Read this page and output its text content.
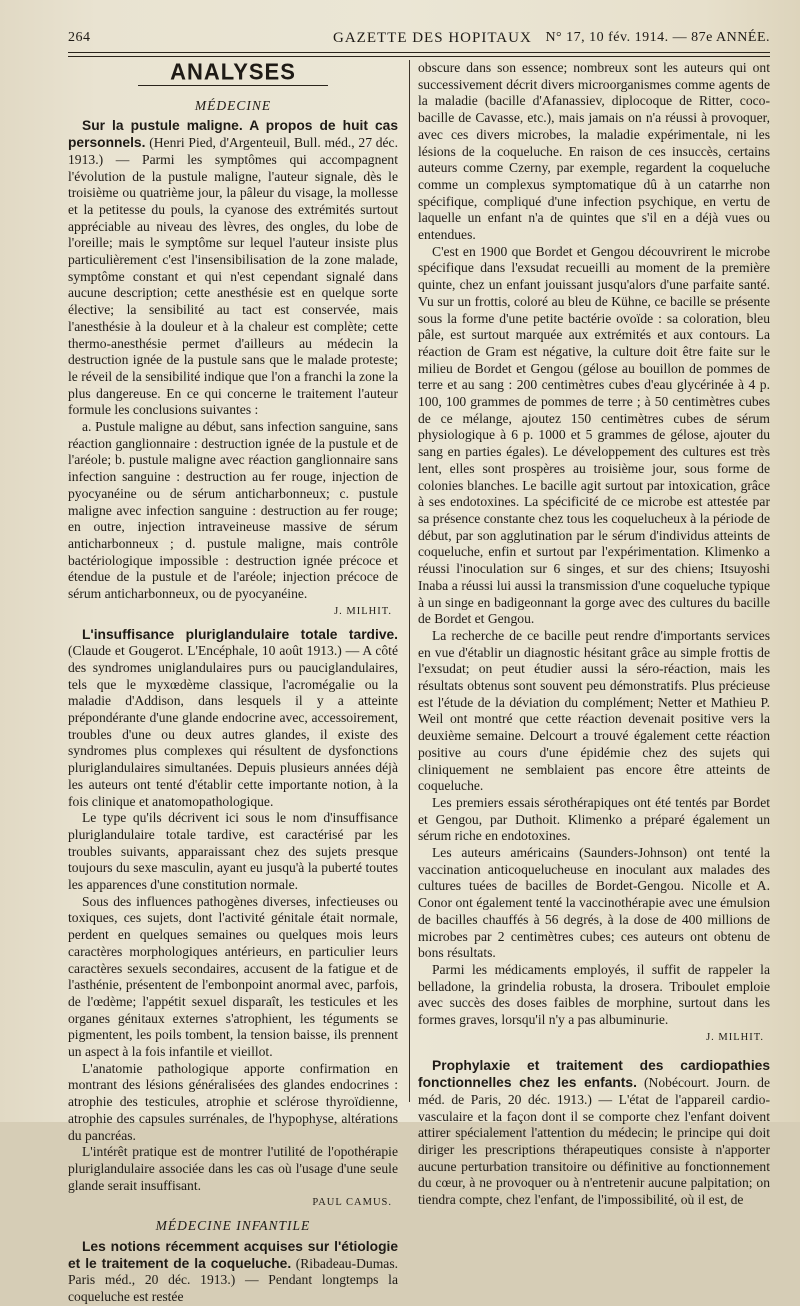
264	GAZETTE DES HOPITAUX N° 17, 10 fév. 1914. — 87e ANNÉE.
ANALYSES
MÉDECINE

Sur la pustule maligne. A propos de huit cas personnels. (Henri Pied, d'Argenteuil, Bull. méd., 27 déc. 1913.) — Parmi les symptômes qui accompagnent l'évolution de la pustule maligne, l'auteur signale, dès le troisième ou quatrième jour, la pâleur du visage, la mollesse et la petitesse du pouls, la cyanose des extrémités surtout appréciable au niveau des lèvres, des ongles, du lobe de l'oreille; mais le symptôme sur lequel l'auteur insiste plus particulièrement c'est l'insensibilisation de la zone malade, symptôme constant et qui n'est cependant signalé dans aucune description; cette anesthésie est en quelque sorte élective; la sensibilité au tact est conservée, mais l'anesthésie à la douleur et à la chaleur est complète; cette thermo-anesthésie permet d'ailleurs au médecin la destruction ignée de la pustule sans que le malade proteste; le réveil de la sensibilité indique que l'on a franchi la zone la plus dangereuse. En ce qui concerne le traitement l'auteur formule les conclusions suivantes :

a. Pustule maligne au début, sans infection sanguine, sans réaction ganglionnaire : destruction ignée de la pustule et de l'aréole; b. pustule maligne avec réaction ganglionnaire sans infection sanguine : destruction au fer rouge, injection de pyocyanéine ou de sérum anticharbonneux; c. pustule maligne avec infection sanguine : destruction au fer rouge; en outre, injection intraveineuse massive de sérum anticharbonneux ; d. pustule maligne, mais contrôle bactériologique impossible : destruction ignée précoce et étendue de la pustule et de l'aréole; injection précoce de sérum anticharbonneux, ou de pyocyanéine.

J. MILHIT.

L'insuffisance pluriglandulaire totale tardive. (Claude et Gougerot. L'Encéphale, 10 août 1913.) — A côté des syndromes uniglandulaires purs ou pauciglandulaires, tels que le myxœdème classique, l'acromégalie ou la maladie d'Addison, dans lesquels il y a atteinte prépondérante d'une glande endocrine avec, accessoirement, troubles d'une ou deux autres glandes, il existe des syndromes plus complexes qui résultent de dysfonctions pluriglandulaires simultanées. Depuis plusieurs années déjà les auteurs ont tenté d'établir cette importante notion, à la fois clinique et anatomopathologique.

Le type qu'ils décrivent ici sous le nom d'insuffisance pluriglandulaire totale tardive, est caractérisé par les troubles suivants, apparaissant chez des sujets presque toujours du sexe masculin, ayant eu jusqu'à la puberté toutes les apparences d'une constitution normale.

Sous des influences pathogènes diverses, infectieuses ou toxiques, ces sujets, dont l'activité génitale était normale, perdent en quelques semaines ou quelques mois leurs caractères morphologiques antérieurs, en particulier leurs caractères sexuels secondaires, accusent de la fatigue et de l'asthénie, présentent de l'embonpoint anormal avec, parfois, de l'œdème; l'appétit sexuel disparaît, les testicules et les organes génitaux externes s'atrophient, les téguments se pigmentent, les poils tombent, la tension baisse, ils prennent un aspect à la fois infantile et vieillot.

L'anatomie pathologique apporte confirmation en montrant des lésions généralisées des glandes endocrines : atrophie des testicules, atrophie et sclérose thyroïdienne, atrophie des capsules surrénales, de l'hypophyse, altérations du pancréas.

L'intérêt pratique est de montrer l'utilité de l'opothérapie pluriglandulaire associée dans les cas où l'usage d'une seule glande serait insuffisant.

PAUL CAMUS.
MÉDECINE INFANTILE

Les notions récemment acquises sur l'étiologie et le traitement de la coqueluche. (Ribadeau-Dumas. Paris méd., 20 déc. 1913.) — Pendant longtemps la coqueluche est restée

obscure dans son essence; nombreux sont les auteurs qui ont successivement décrit divers microorganismes comme agents de la maladie (bacille d'Afanassiev, diplocoque de Ritter, coco-bacille de Cavasse, etc.), mais jamais on n'a réussi à provoquer, avec ces divers microbes, la maladie expérimentale, ni les lésions de la coqueluche. En raison de ces insuccès, certains auteurs comme Czerny, par exemple, regardent la coqueluche comme un complexus symptomatique dû à un catarrhe non spécifique, compliqué d'une infection psychique, en vertu de laquelle un enfant n'a de quintes que s'il en a déjà vues ou entendues.

C'est en 1900 que Bordet et Gengou découvrirent le microbe spécifique dans l'exsudat recueilli au moment de la première quinte, chez un enfant jouissant jusqu'alors d'une parfaite santé. Vu sur un frottis, coloré au bleu de Kühne, ce bacille se présente sous la forme d'une petite bactérie ovoïde : sa coloration, bleu pâle, est surtout marquée aux extrémités et aux contours. La réaction de Gram est négative, la culture doit être faite sur le milieu de Bordet et Gengou (gélose au bouillon de pommes de terre et au sang : 200 centimètres cubes d'eau glycérinée à 4 p. 100, 100 grammes de pommes de terre ; à 50 centimètres cubes de ce mélange, ajoutez 150 centimètres cubes de sérum physiologique à 6 p. 1000 et 5 grammes de gélose, ajouter du sang en parties égales). Le développement des cultures est très lent, elles sont prospères au troisième jour, sous forme de colonies blanches. Le bacille agit surtout par intoxication, grâce à ses endotoxines. La spécificité de ce microbe est attestée par sa présence constante chez tous les coquelucheux à la période de début, par son agglutination par le sérum d'individus atteints de coqueluche, enfin et surtout par l'expérimentation. Klimenko a réussi l'inoculation sur 6 singes, et sur des chiens; Itsuyoshi Inaba a réussi lui aussi la transmission d'une coqueluche typique à un singe en badigeonnant la gorge avec des cultures du bacille de Bordet et Gengou.

La recherche de ce bacille peut rendre d'importants services en vue d'établir un diagnostic hésitant grâce au simple frottis de l'exsudat; on peut étudier aussi la séro-réaction, mais les résultats obtenus sont souvent peu démonstratifs. Plus précieuse est l'étude de la déviation du complément; Netter et Mathieu P. Weil ont montré que cette réaction devenait positive vers la deuxième semaine. Delcourt a trouvé également cette réaction positive au cours d'une épidémie chez des sujets qui cliniquement ne semblaient pas encore être atteints de coqueluche.

Les premiers essais sérothérapiques ont été tentés par Bordet et Gengou, par Duthoit. Klimenko a préparé également un sérum riche en endotoxines.

Les auteurs américains (Saunders-Johnson) ont tenté la vaccination anticoquelucheuse en inoculant aux malades des cultures tuées de bacilles de Bordet-Gengou. Nicolle et A. Conor ont également tenté la vaccinothérapie avec une émulsion de bacilles chauffés à 56 degrés, à la dose de 400 millions de microbes par 2 centimètres cubes; ces auteurs ont obtenu de bons résultats.

Parmi les médicaments employés, il suffit de rappeler la belladone, la grindelia robusta, la drosera. Triboulet emploie avec succès des doses faibles de morphine, surtout dans les formes graves, lorsqu'il n'y a pas albuminurie.

J. MILHIT.

Prophylaxie et traitement des cardiopathies fonctionnelles chez les enfants. (Nobécourt. Journ. de méd. de Paris, 20 déc. 1913.) — L'état de l'appareil cardio-vasculaire et la façon dont il se comporte chez l'enfant doivent attirer spécialement l'attention du médecin; le principe qui doit diriger les prescriptions thérapeutiques consiste à n'apporter aucune perturbation transitoire ou définitive au fonctionnement du cœur, à ne provoquer ou à n'entretenir aucune palpitation; on tiendra compte, chez l'enfant, de l'impossibilité, où il est, de
